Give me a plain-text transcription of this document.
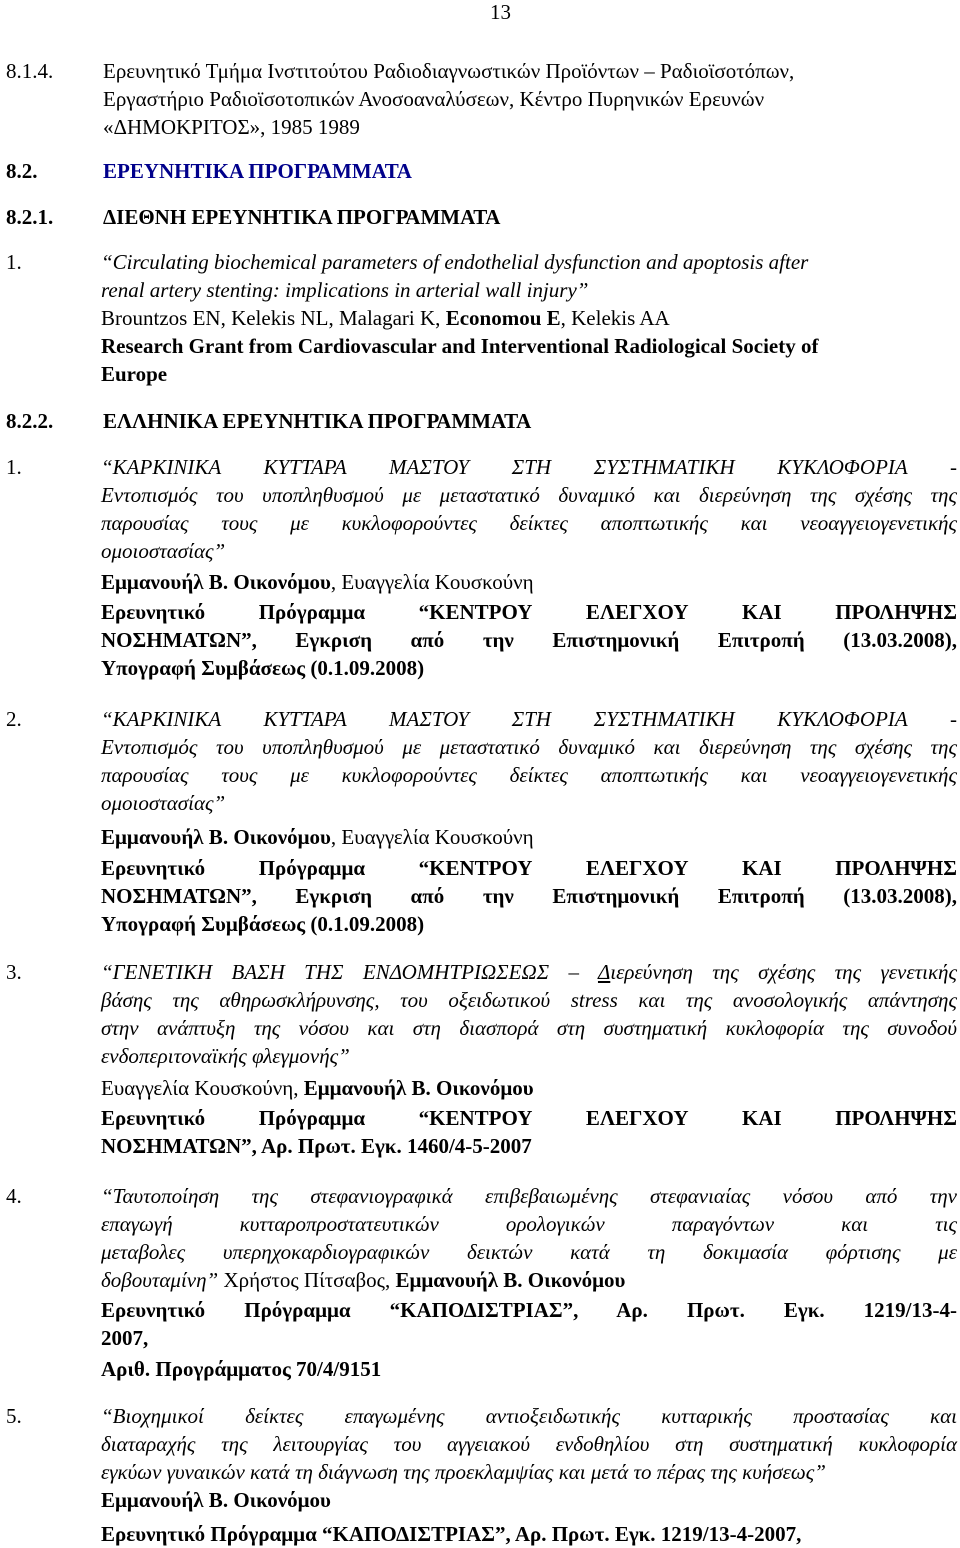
13
8.1.4. Ερευνητικό Τμήμα Ινστιτούτου Ραδιοδιαγνωστικών Προϊόντων – Ραδιοϊσοτόπων,
Εργαστήριο Ραδιοϊσοτοπικών Ανοσοαναλύσεων, Κέντρο Πυρηνικών Ερευνών
«ΔΗΜΟΚΡΙΤΟΣ», 1985 1989
8.2.	ΕΡΕΥΝΗΤΙΚΑ ΠΡΟΓΡΑΜΜΑΤΑ
8.2.1. ΔΙΕΘΝΗ ΕΡΕΥΝΗΤΙΚΑ ΠΡΟΓΡΑΜΜΑΤΑ
1.	“Circulating biochemical parameters of endothelial dysfunction and apoptosis after
renal artery stenting: implications in arterial wall injury”
Brountzos EN, Kelekis NL, Malagari K, Economou E, Kelekis AA
Research Grant from Cardiovascular and Interventional Radiological Society of
Europe
8.2.2. ΕΛΛΗΝΙΚΑ ΕΡΕΥΝΗΤΙΚΑ ΠΡΟΓΡΑΜΜΑΤΑ
1.	“ΚΑΡΚΙΝΙΚΑ ΚΥΤΤΑΡΑ ΜΑΣΤΟΥ ΣΤΗ ΣΥΣΤΗΜΑΤΙΚΗ ΚΥΚΛΟΦΟΡΙΑ -
Εντοπισμός του υποπληθυσμού με μεταστατικό δυναμικό και διερεύνηση της σχέσης της
παρουσίας τους με κυκλοφορούντες δείκτες αποπτωτικής και νεοαγγειογενετικής
ομοιοστασίας”
Εμμανουήλ Β. Οικονόμου, Ευαγγελία Κουσκούνη
Ερευνητικό Πρόγραμμα “ΚΕΝΤΡΟΥ ΕΛΕΓΧΟΥ ΚΑΙ ΠΡΟΛΗΨΗΣ
ΝΟΣΗΜΑΤΩΝ”, Εγκριση από την Επιστημονική Επιτροπή (13.03.2008),
Υπογραφή Συμβάσεως (0.1.09.2008)
2.	“ΚΑΡΚΙΝΙΚΑ ΚΥΤΤΑΡΑ ΜΑΣΤΟΥ ΣΤΗ ΣΥΣΤΗΜΑΤΙΚΗ ΚΥΚΛΟΦΟΡΙΑ -
Εντοπισμός του υποπληθυσμού με μεταστατικό δυναμικό και διερεύνηση της σχέσης της
παρουσίας τους με κυκλοφορούντες δείκτες αποπτωτικής και νεοαγγειογενετικής
ομοιοστασίας”
Εμμανουήλ Β. Οικονόμου, Ευαγγελία Κουσκούνη
Ερευνητικό Πρόγραμμα “ΚΕΝΤΡΟΥ ΕΛΕΓΧΟΥ ΚΑΙ ΠΡΟΛΗΨΗΣ
ΝΟΣΗΜΑΤΩΝ”, Εγκριση από την Επιστημονική Επιτροπή (13.03.2008),
Υπογραφή Συμβάσεως (0.1.09.2008)
3.	“ΓΕΝΕΤΙΚΗ ΒΑΣΗ ΤΗΣ ΕΝΔΟΜΗΤΡΙΩΣΕΩΣ – Διερεύνηση της σχέσης της γενετικής
βάσης της αθηρωσκλήρυνσης, του οξειδωτικού stress και της ανοσολογικής απάντησης
στην ανάπτυξη της νόσου και στη διασπορά στη συστηματική κυκλοφορία της συνοδού
ενδοπεριτοναϊκής φλεγμονής”
Ευαγγελία Κουσκούνη, Εμμανουήλ Β. Οικονόμου
Ερευνητικό Πρόγραμμα “ΚΕΝΤΡΟΥ ΕΛΕΓΧΟΥ ΚΑΙ ΠΡΟΛΗΨΗΣ
ΝΟΣΗΜΑΤΩΝ”, Αρ. Πρωτ. Εγκ. 1460/4-5-2007
4.	“Ταυτοποίηση της στεφανιογραφικά επιβεβαιωμένης στεφανιαίας νόσου από την
επαγωγή κυτταροπροστατευτικών ορολογικών παραγόντων και τις
μεταβολες υπερηχοκαρδιογραφικών δεικτών κατά τη δοκιμασία φόρτισης με
δοβουταμίνη” Χρήστος Πίτσαβος, Εμμανουήλ Β. Οικονόμου
Ερευνητικό Πρόγραμμα “ΚΑΠΟΔΙΣΤΡΙΑΣ”, Αρ. Πρωτ. Εγκ. 1219/13-4-
2007,
Αριθ. Προγράμματος 70/4/9151
5.	“Βιοχημικοί δείκτες επαγωμένης αντιοξειδωτικής κυτταρικής προστασίας και
διαταραχής της λειτουργίας του αγγειακού ενδοθηλίου στη συστηματική κυκλοφορία
εγκύων γυναικών κατά τη διάγνωση της προεκλαμψίας και μετά το πέρας της κυήσεως”
Εμμανουήλ Β. Οικονόμου
Ερευνητικό Πρόγραμμα “ΚΑΠΟΔΙΣΤΡΙΑΣ”, Αρ. Πρωτ. Εγκ. 1219/13-4-2007,
